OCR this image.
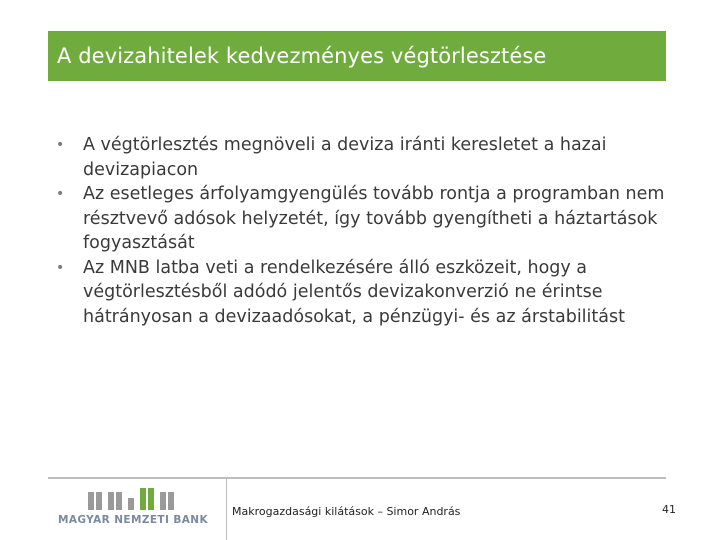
A devizahitelek kedvezményes végtörlesztése
• A végtörlesztés megnöveli a deviza iránti keresletet a hazai devizapiacon
• Az esetleges árfolyamgyengülés tovább rontja a programban nem résztvevő adósok helyzetét, így tovább gyengítheti a háztartások fogyasztását
• Az MNB latba veti a rendelkezésére álló eszközeit, hogy a végtörlesztésből adódó jelentős devizakonverzió ne érintse hátrányosan a devizaadósokat, a pénzügyi- és az árstabilitást
MAGYAR NEMZETI BANK
Makrogazdasági kilátások – Simor András	41
